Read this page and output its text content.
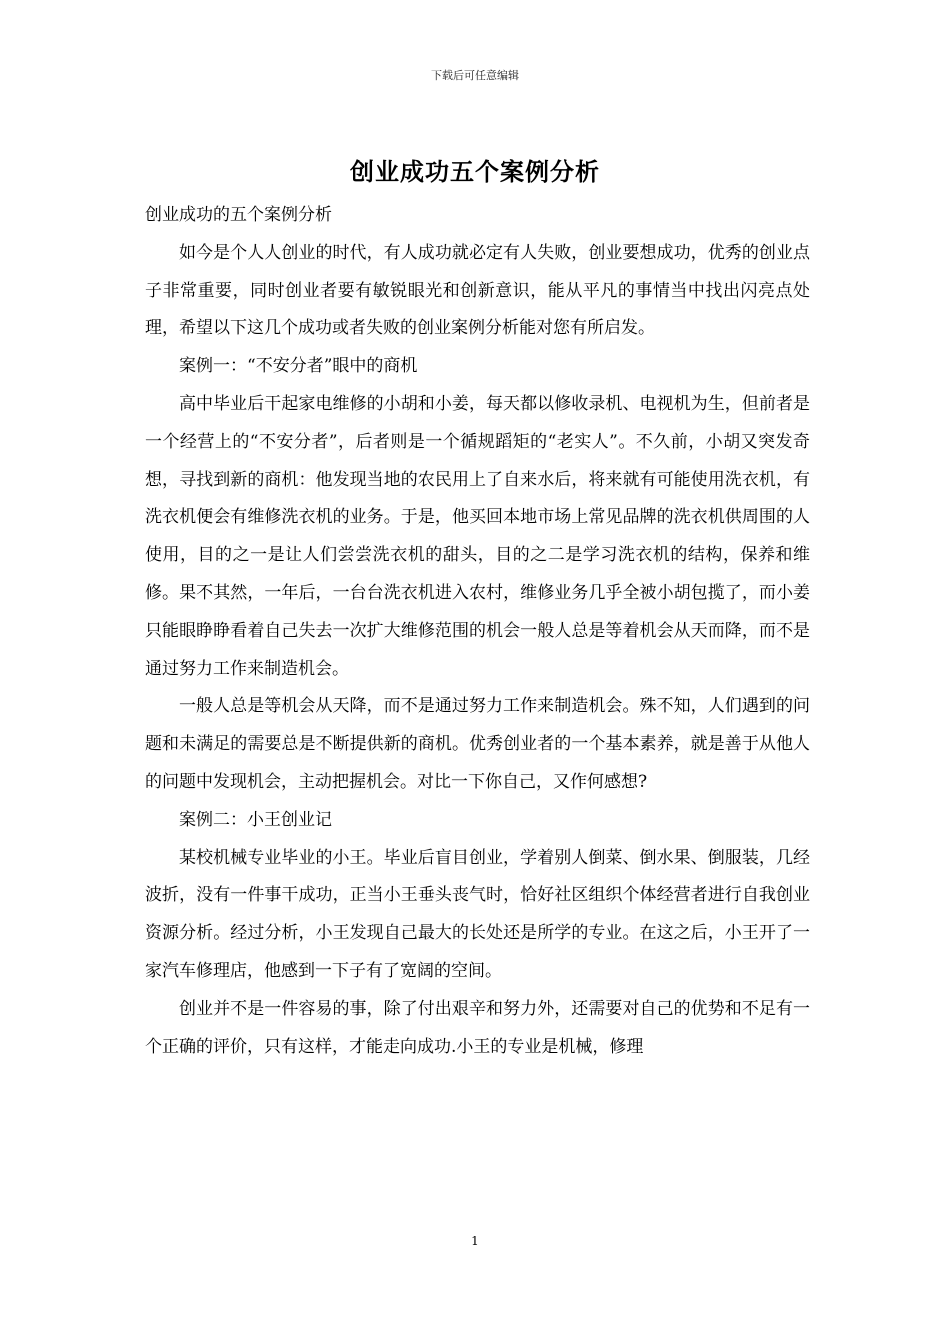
下载后可任意编辑
创业成功五个案例分析

创业成功的五个案例分析

如今是个人人创业的时代，有人成功就必定有人失败，创业要想成功，优秀的创业点子非常重要，同时创业者要有敏锐眼光和创新意识，能从平凡的事情当中找出闪亮点处理，希望以下这几个成功或者失败的创业案例分析能对您有所启发。

案例一：“不安分者”眼中的商机

高中毕业后干起家电维修的小胡和小姜，每天都以修收录机、电视机为生，但前者是一个经营上的“不安分者”，后者则是一个循规蹈矩的“老实人”。不久前，小胡又突发奇想，寻找到新的商机：他发现当地的农民用上了自来水后，将来就有可能使用洗衣机，有洗衣机便会有维修洗衣机的业务。于是，他买回本地市场上常见品牌的洗衣机供周围的人使用，目的之一是让人们尝尝洗衣机的甜头，目的之二是学习洗衣机的结构，保养和维修。果不其然，一年后，一台台洗衣机进入农村，维修业务几乎全被小胡包揽了，而小姜只能眼睁睁看着自己失去一次扩大维修范围的机会一般人总是等着机会从天而降，而不是通过努力工作来制造机会。

一般人总是等机会从天降，而不是通过努力工作来制造机会。殊不知，人们遇到的问题和未满足的需要总是不断提供新的商机。优秀创业者的一个基本素养，就是善于从他人的问题中发现机会，主动把握机会。对比一下你自己，又作何感想?

案例二：小王创业记

某校机械专业毕业的小王。毕业后盲目创业，学着别人倒菜、倒水果、倒服装，几经波折，没有一件事干成功，正当小王垂头丧气时，恰好社区组织个体经营者进行自我创业资源分析。经过分析，小王发现自己最大的长处还是所学的专业。在这之后，小王开了一家汽车修理店，他感到一下子有了宽阔的空间。

创业并不是一件容易的事，除了付出艰辛和努力外，还需要对自己的优势和不足有一个正确的评价，只有这样，才能走向成功.小王的专业是机械，修理

1
